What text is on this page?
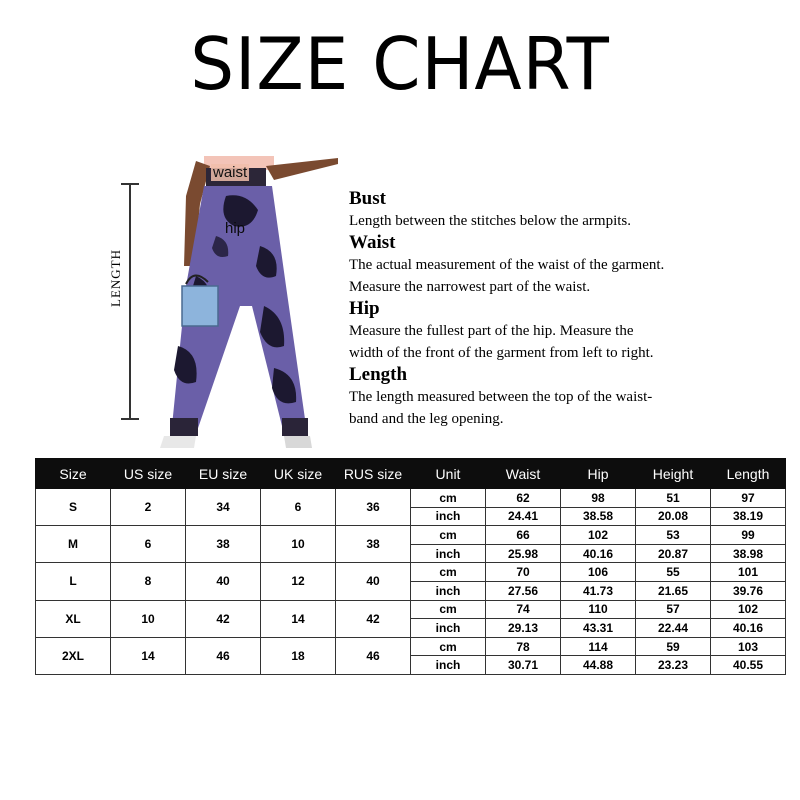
SIZE CHART
LENGTH
waist
hip
Bust
Length between the stitches below the armpits.
Waist
The actual measurement of the waist of the garment.
Measure the narrowest part of the waist.
Hip
Measure the fullest part of the hip. Measure the
width of the front of the garment from left to right.
Length
The length measured between the top of the waist-
band and the leg opening.
Size	US size	EU size	UK size	RUS size	Unit	Waist	Hip	Height	Length
S	2	34	6	36	cm	62	98	51	97
					inch	24.41	38.58	20.08	38.19
M	6	38	10	38	cm	66	102	53	99
					inch	25.98	40.16	20.87	38.98
L	8	40	12	40	cm	70	106	55	101
					inch	27.56	41.73	21.65	39.76
XL	10	42	14	42	cm	74	110	57	102
					inch	29.13	43.31	22.44	40.16
2XL	14	46	18	46	cm	78	114	59	103
					inch	30.71	44.88	23.23	40.55
